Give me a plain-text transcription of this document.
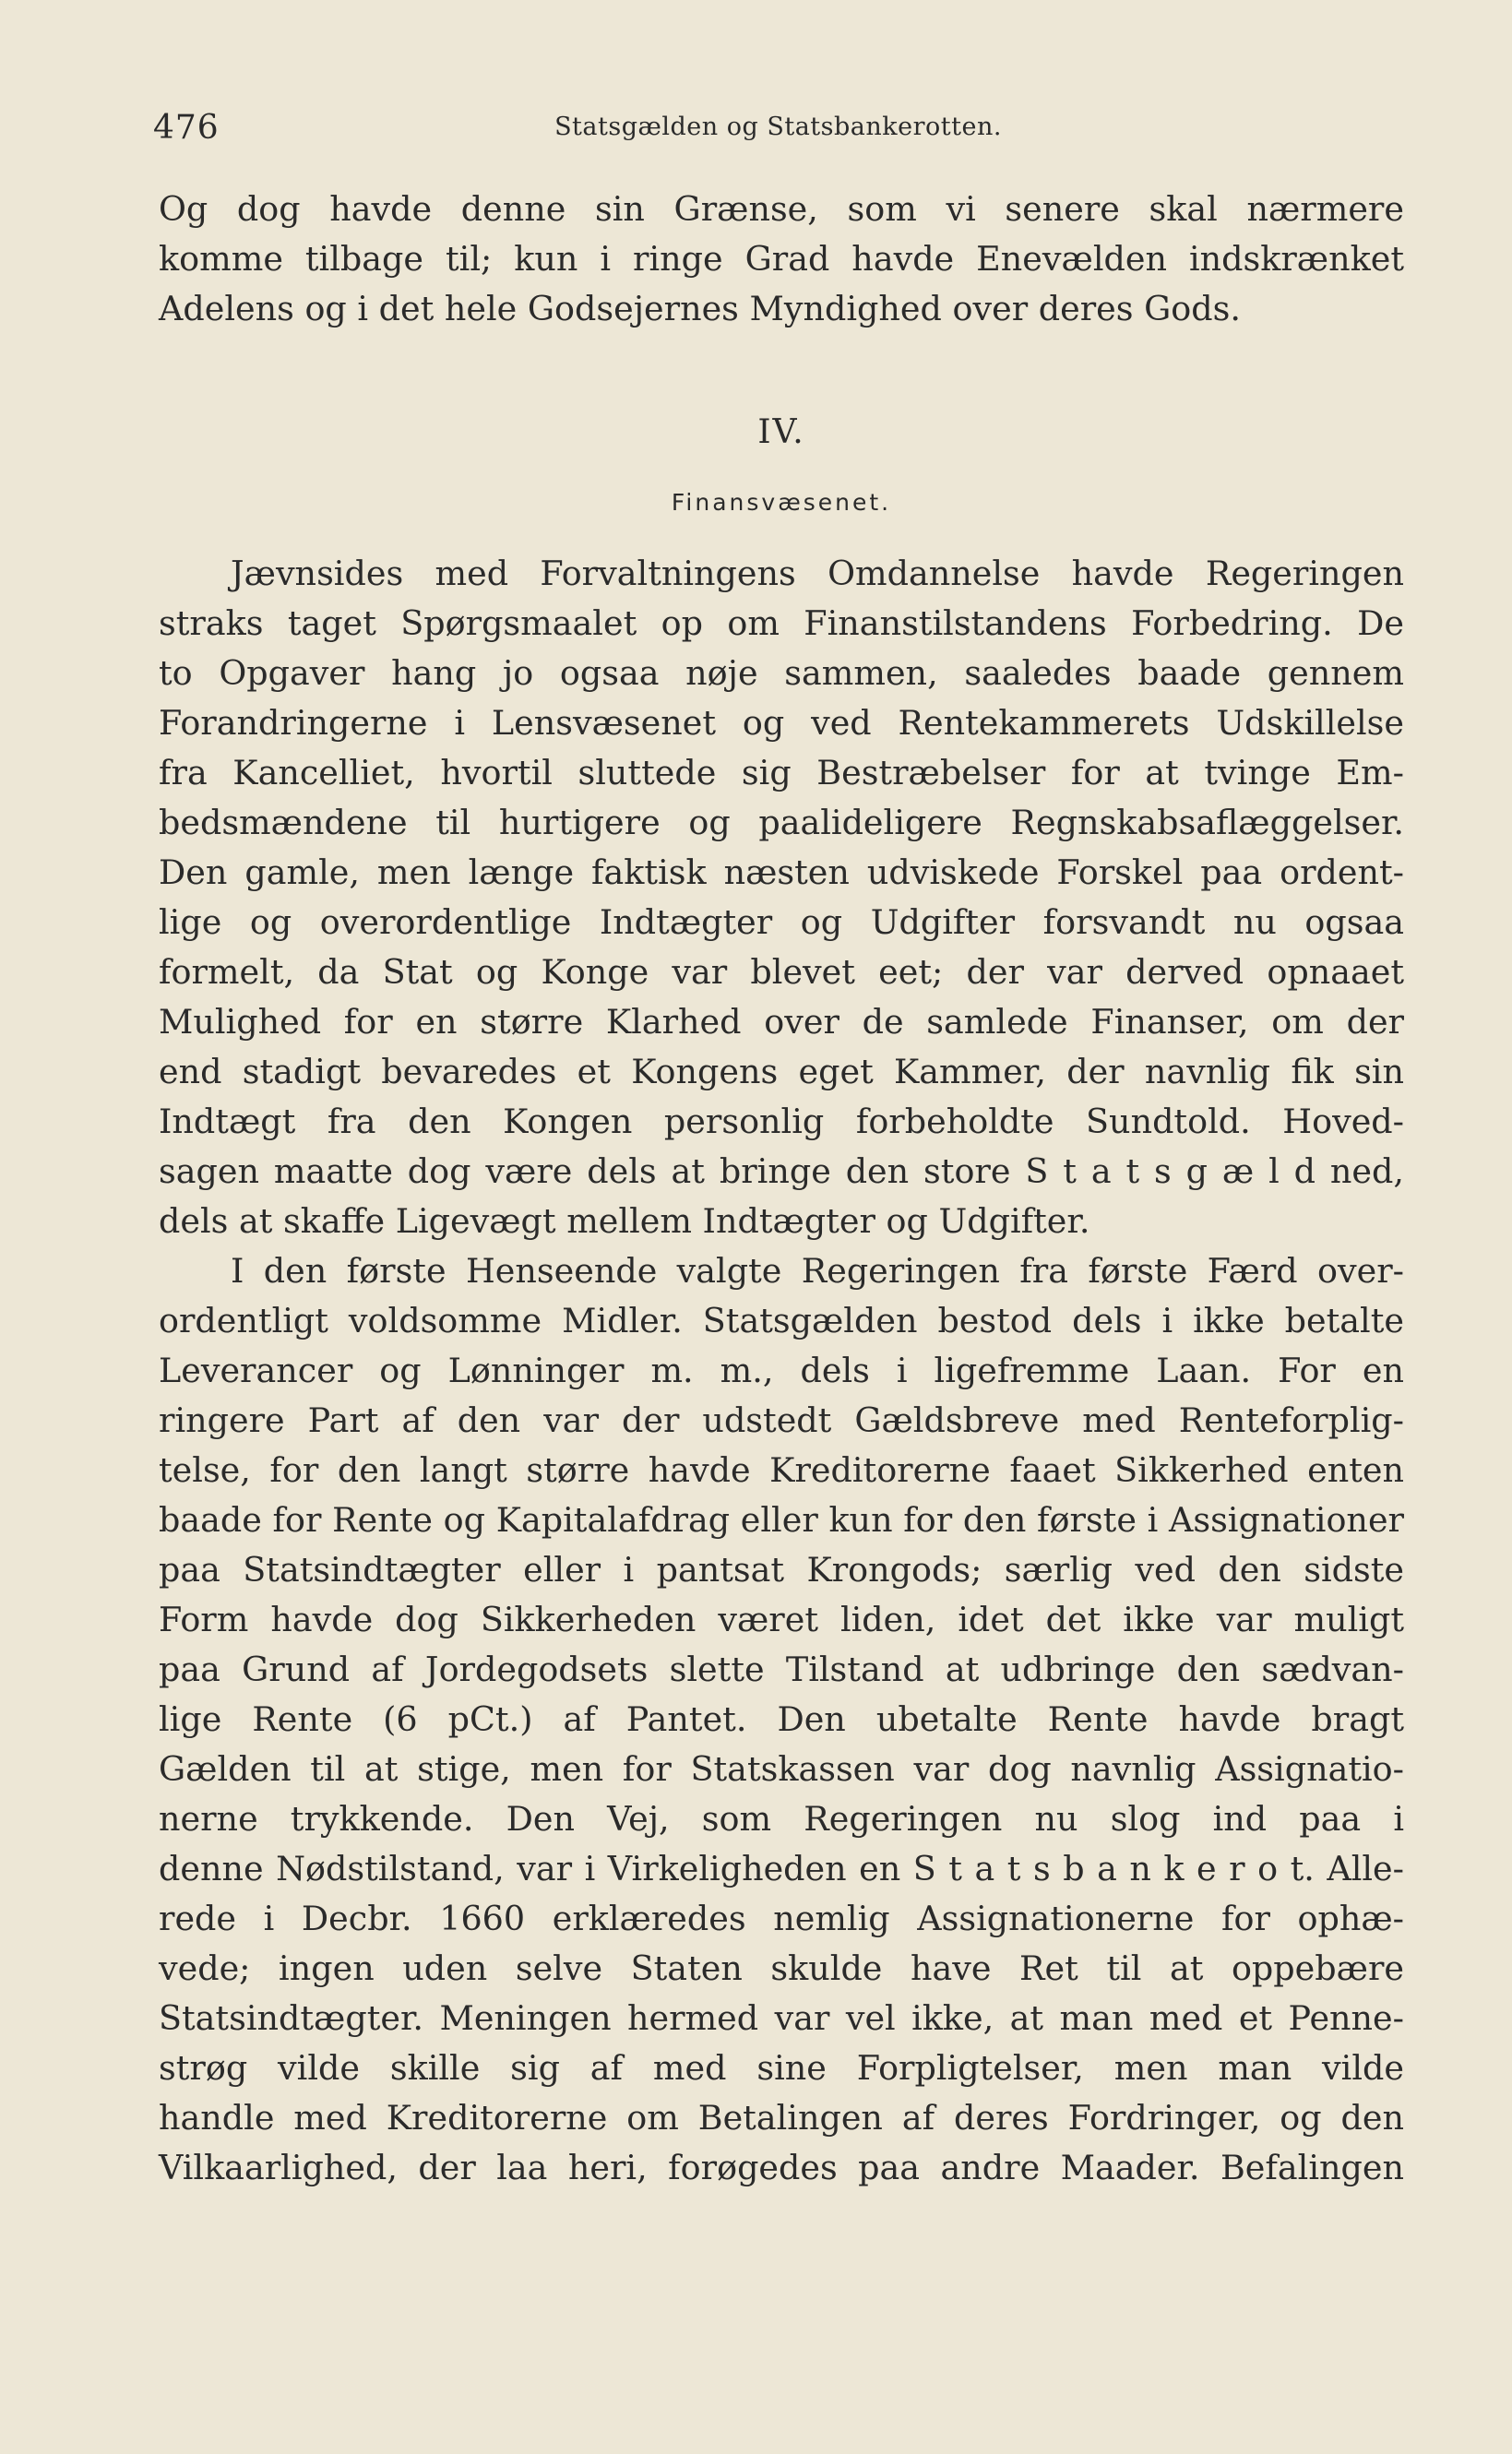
476	Statsgælden og Statsbankerotten.
Og dog havde denne sin Grænse, som vi senere skal nærmere
komme tilbage til; kun i ringe Grad havde Enevælden indskrænket
Adelens og i det hele Godsejernes Myndighed over deres Gods.
IV.
Finansvæsenet.
Jævnsides med Forvaltningens Omdannelse havde Regeringen
straks taget Spørgsmaalet op om Finanstilstandens Forbedring. De
to Opgaver hang jo ogsaa nøje sammen, saaledes baade gennem
Forandringerne i Lensvæsenet og ved Rentekammerets Udskillelse
fra Kancelliet, hvortil sluttede sig Bestræbelser for at tvinge Em-
bedsmændene til hurtigere og paalideligere Regnskabsaflæggelser.
Den gamle, men længe faktisk næsten udviskede Forskel paa ordent-
lige og overordentlige Indtægter og Udgifter forsvandt nu ogsaa
formelt, da Stat og Konge var blevet eet; der var derved opnaaet
Mulighed for en større Klarhed over de samlede Finanser, om der
end stadigt bevaredes et Kongens eget Kammer, der navnlig fik sin
Indtægt fra den Kongen personlig forbeholdte Sundtold. Hoved-
sagen maatte dog være dels at bringe den store S t a t s g æ l d ned,
dels at skaffe Ligevægt mellem Indtægter og Udgifter.
I den første Henseende valgte Regeringen fra første Færd over-
ordentligt voldsomme Midler. Statsgælden bestod dels i ikke betalte
Leverancer og Lønninger m. m., dels i ligefremme Laan. For en
ringere Part af den var der udstedt Gældsbreve med Renteforplig-
telse, for den langt større havde Kreditorerne faaet Sikkerhed enten
baade for Rente og Kapitalafdrag eller kun for den første i Assignationer
paa Statsindtægter eller i pantsat Krongods; særlig ved den sidste
Form havde dog Sikkerheden været liden, idet det ikke var muligt
paa Grund af Jordegodsets slette Tilstand at udbringe den sædvan-
lige Rente (6 pCt.) af Pantet. Den ubetalte Rente havde bragt
Gælden til at stige, men for Statskassen var dog navnlig Assignatio-
nerne trykkende. Den Vej, som Regeringen nu slog ind paa i
denne Nødstilstand, var i Virkeligheden en S t a t s b a n k e r o t. Alle-
rede i Decbr. 1660 erklæredes nemlig Assignationerne for ophæ-
vede; ingen uden selve Staten skulde have Ret til at oppebære
Statsindtægter. Meningen hermed var vel ikke, at man med et Penne-
strøg vilde skille sig af med sine Forpligtelser, men man vilde
handle med Kreditorerne om Betalingen af deres Fordringer, og den
Vilkaarlighed, der laa heri, forøgedes paa andre Maader. Befalingen
